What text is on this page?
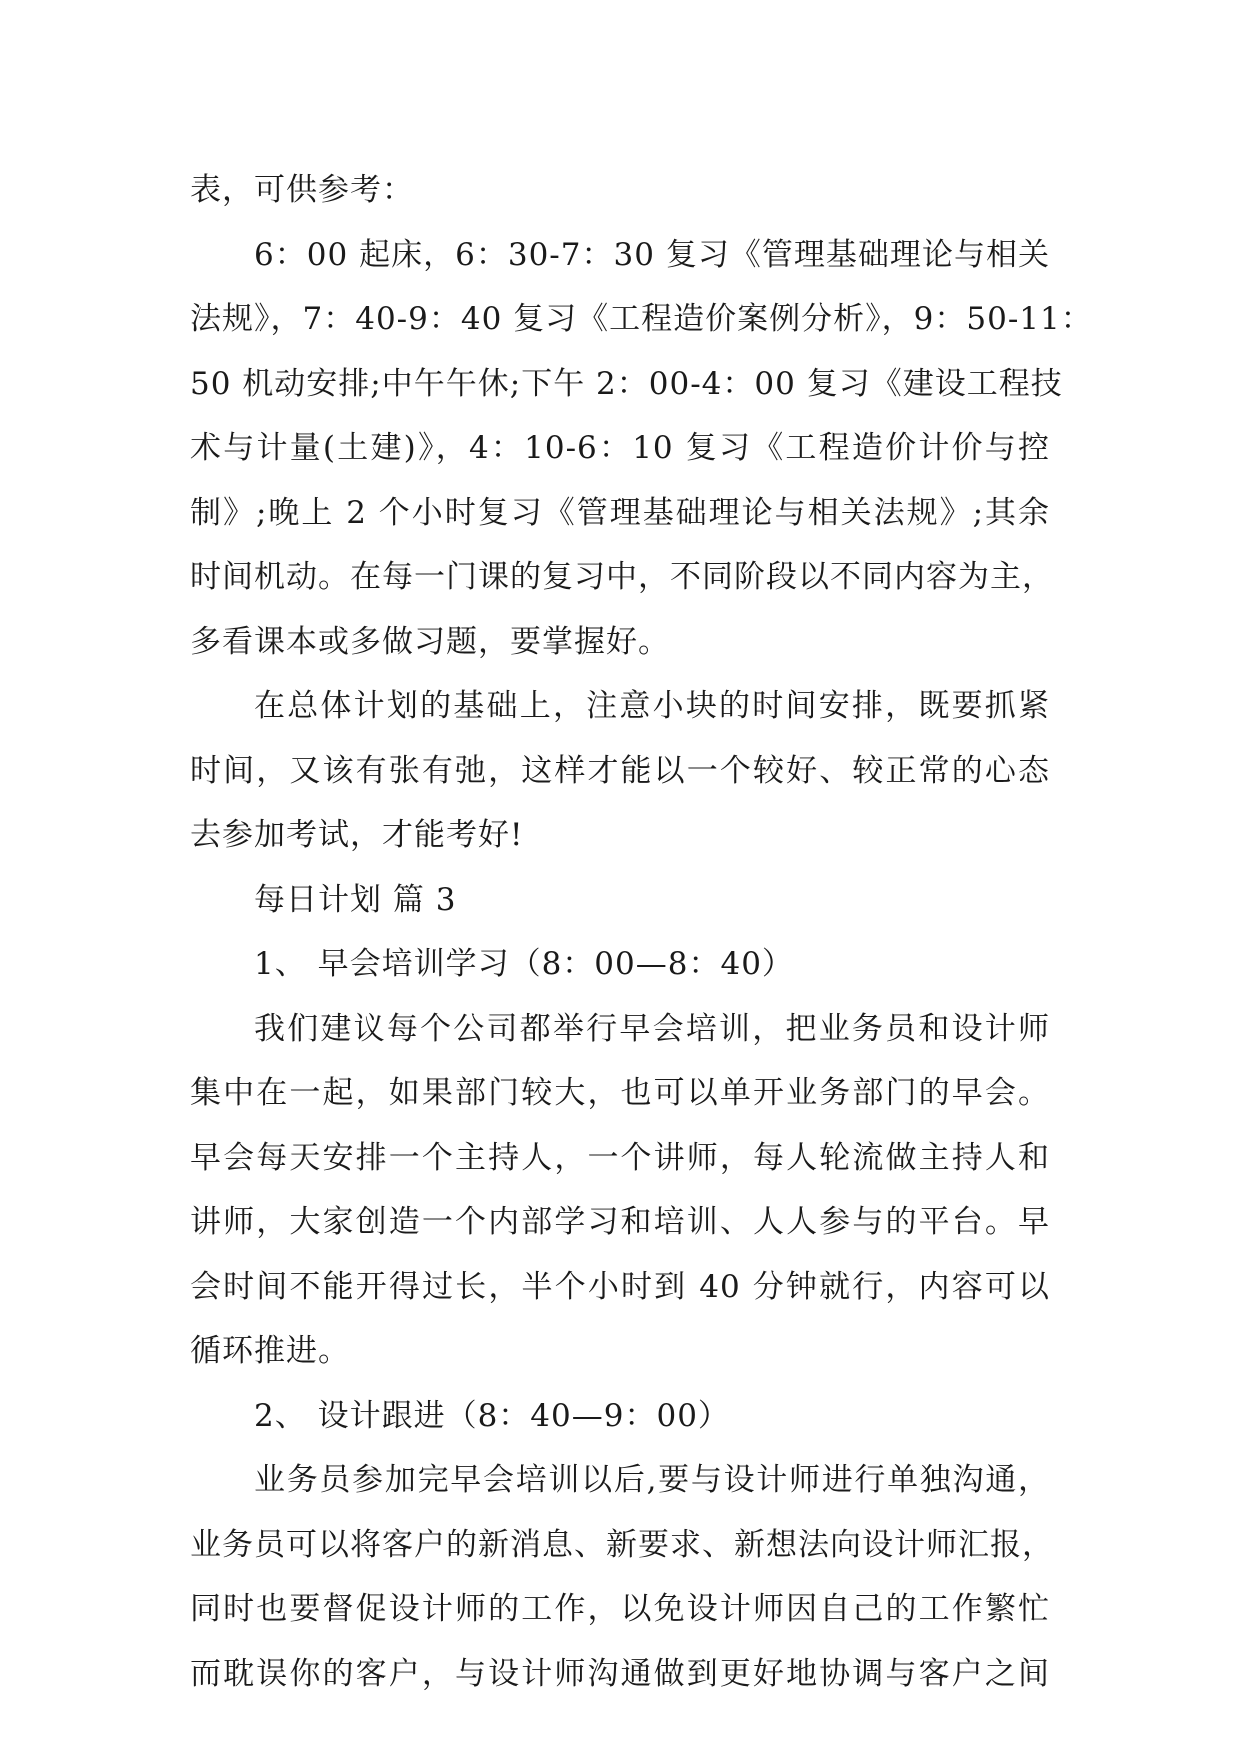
表，可供参考：
6：00 起床，6：30-7：30 复习《管理基础理论与相关
法规》，7：40-9：40 复习《工程造价案例分析》，9：50-11：
50 机动安排;中午午休;下午 2：00-4：00 复习《建设工程技
术与计量(土建)》，4：10-6：10 复习《工程造价计价与控
制》;晚上 2 个小时复习《管理基础理论与相关法规》;其余
时间机动。在每一门课的复习中，不同阶段以不同内容为主，
多看课本或多做习题，要掌握好。
在总体计划的基础上，注意小块的时间安排，既要抓紧
时间，又该有张有弛，这样才能以一个较好、较正常的心态
去参加考试，才能考好!
每日计划 篇 3
1、 早会培训学习（8：00—8：40）
我们建议每个公司都举行早会培训，把业务员和设计师
集中在一起，如果部门较大，也可以单开业务部门的早会。
早会每天安排一个主持人，一个讲师，每人轮流做主持人和
讲师，大家创造一个内部学习和培训、人人参与的平台。早
会时间不能开得过长，半个小时到 40 分钟就行，内容可以
循环推进。
2、 设计跟进（8：40—9：00）
业务员参加完早会培训以后,要与设计师进行单独沟通，
业务员可以将客户的新消息、新要求、新想法向设计师汇报，
同时也要督促设计师的工作，以免设计师因自己的工作繁忙
而耽误你的客户，与设计师沟通做到更好地协调与客户之间
